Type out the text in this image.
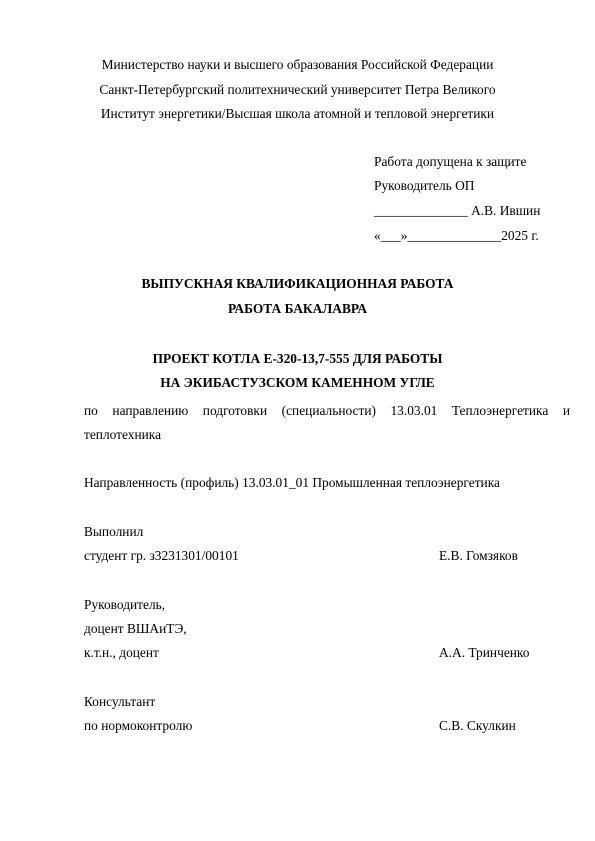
Министерство науки и высшего образования Российской Федерации
Санкт-Петербургский политехнический университет Петра Великого
Институт энергетики/Высшая школа атомной и тепловой энергетики
Работа допущена к защите
Руководитель ОП
______________ А.В. Ившин
«___»______________2025 г.
ВЫПУСКНАЯ КВАЛИФИКАЦИОННАЯ РАБОТА
РАБОТА БАКАЛАВРА
ПРОЕКТ КОТЛА Е-320-13,7-555 ДЛЯ РАБОТЫ
НА ЭКИБАСТУЗСКОМ КАМЕННОМ УГЛЕ
по направлению подготовки (специальности) 13.03.01 Теплоэнергетика и
теплотехника
Направленность (профиль) 13.03.01_01 Промышленная теплоэнергетика
Выполнил
студент гр. з3231301/00101	Е.В. Гомзяков
Руководитель,
доцент ВШАиТЭ,
к.т.н., доцент	А.А. Тринченко
Консультант
по нормоконтролю	С.В. Скулкин
